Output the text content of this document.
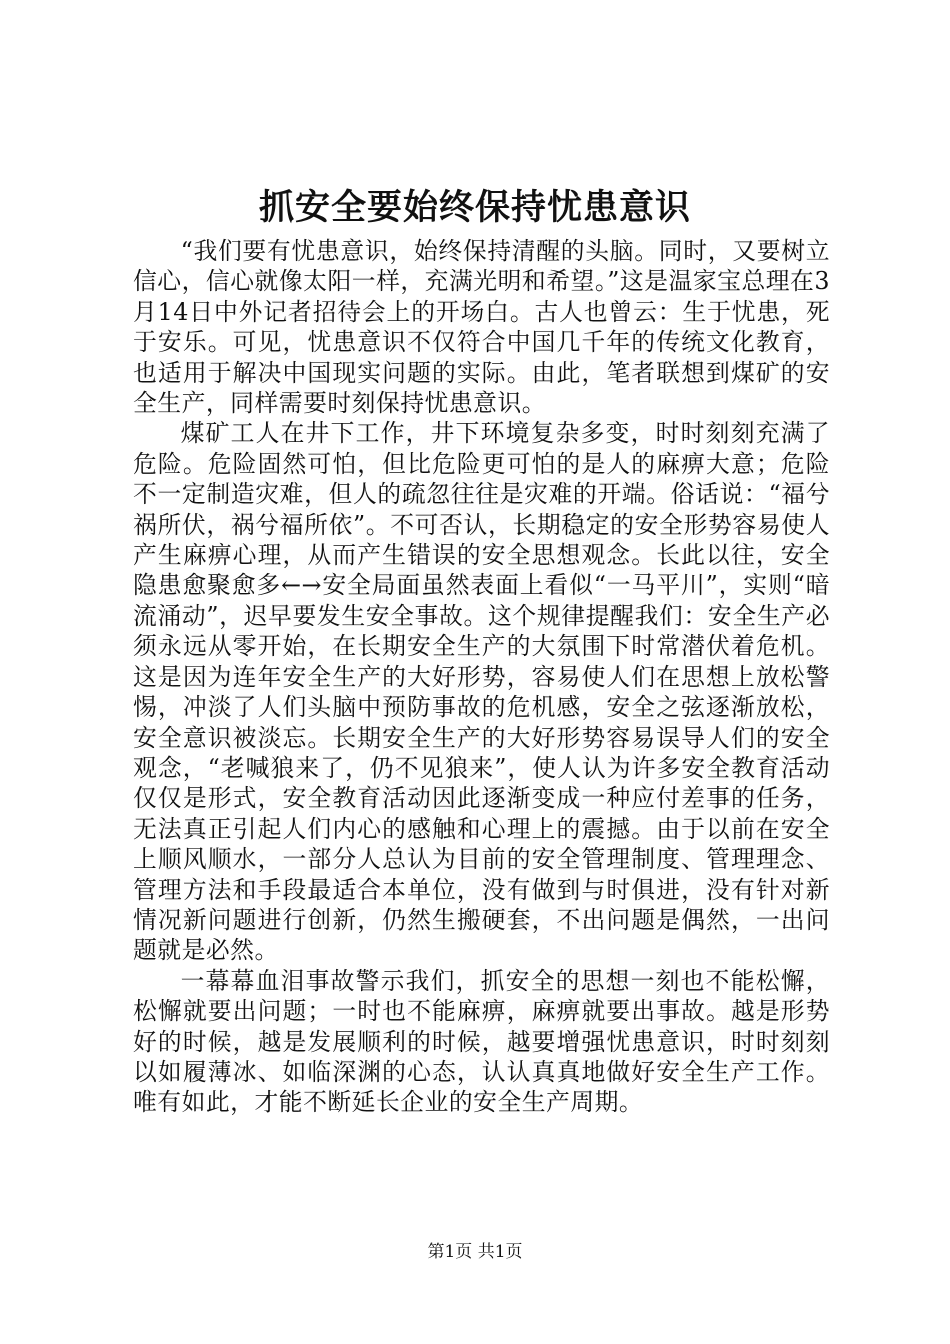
抓安全要始终保持忧患意识

“我们要有忧患意识，始终保持清醒的头脑。同时，又要树立信心，信心就像太阳一样，充满光明和希望。”这是温家宝总理在3月14日中外记者招待会上的开场白。古人也曾云：生于忧患，死于安乐。可见，忧患意识不仅符合中国几千年的传统文化教育，也适用于解决中国现实问题的实际。由此，笔者联想到煤矿的安全生产，同样需要时刻保持忧患意识。

煤矿工人在井下工作，井下环境复杂多变，时时刻刻充满了危险。危险固然可怕，但比危险更可怕的是人的麻痹大意；危险不一定制造灾难，但人的疏忽往往是灾难的开端。俗话说：“福兮祸所伏，祸兮福所依”。不可否认，长期稳定的安全形势容易使人产生麻痹心理，从而产生错误的安全思想观念。长此以往，安全隐患愈聚愈多←→安全局面虽然表面上看似“一马平川”，实则“暗流涌动”，迟早要发生安全事故。这个规律提醒我们：安全生产必须永远从零开始，在长期安全生产的大氛围下时常潜伏着危机。这是因为连年安全生产的大好形势，容易使人们在思想上放松警惕，冲淡了人们头脑中预防事故的危机感，安全之弦逐渐放松，安全意识被淡忘。长期安全生产的大好形势容易误导人们的安全观念，“老喊狼来了，仍不见狼来”，使人认为许多安全教育活动仅仅是形式，安全教育活动因此逐渐变成一种应付差事的任务，无法真正引起人们内心的感触和心理上的震撼。由于以前在安全上顺风顺水，一部分人总认为目前的安全管理制度、管理理念、管理方法和手段最适合本单位，没有做到与时俱进，没有针对新情况新问题进行创新，仍然生搬硬套，不出问题是偶然，一出问题就是必然。

一幕幕血泪事故警示我们，抓安全的思想一刻也不能松懈，松懈就要出问题；一时也不能麻痹，麻痹就要出事故。越是形势好的时候，越是发展顺利的时候，越要增强忧患意识，时时刻刻以如履薄冰、如临深渊的心态，认认真真地做好安全生产工作。唯有如此，才能不断延长企业的安全生产周期。

第1页 共1页
